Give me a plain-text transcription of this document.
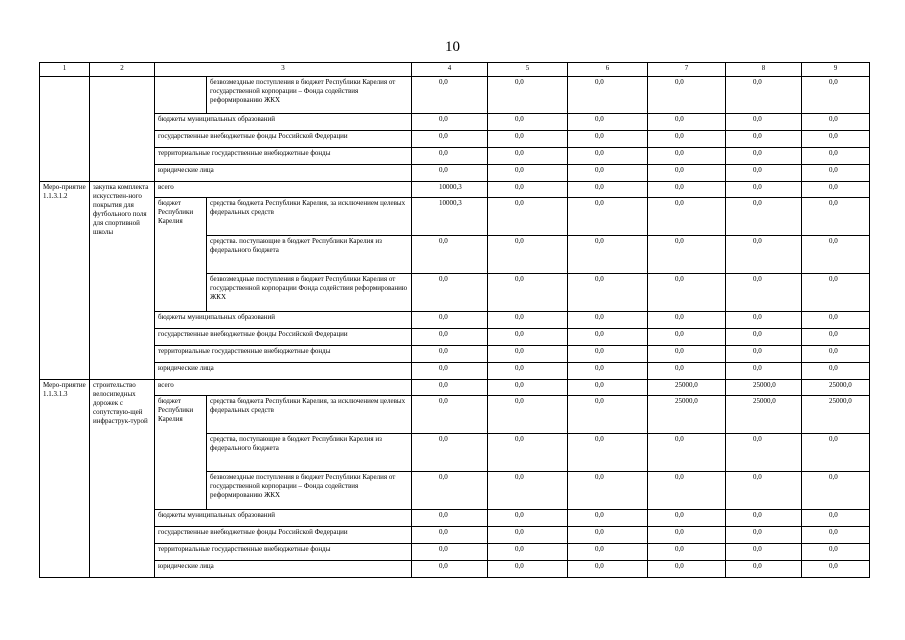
10
1	2	3		4	5	6	7	8	9
			безвозмездные поступления в бюджет Республики Карелия от государственной корпорации – Фонда содействия реформированию ЖКХ	0,0	0,0	0,0	0,0	0,0	0,0
		бюджеты муниципальных образований		0,0	0,0	0,0	0,0	0,0	0,0
		государственные внебюджетные фонды Российской Федерации		0,0	0,0	0,0	0,0	0,0	0,0
		территориальные государственные внебюджетные фонды		0,0	0,0	0,0	0,0	0,0	0,0
		юридические лица		0,0	0,0	0,0	0,0	0,0	0,0
Меро-приятие 1.1.3.1.2	закупка комплекта искусствен-ного покрытия для футбольного поля для спортивной школы	всего		10000,3	0,0	0,0	0,0	0,0	0,0
		бюджет Республики Карелия	средства бюджета Республики Карелия, за исключением целевых федеральных средств	10000,3	0,0	0,0	0,0	0,0	0,0
			средства. поступающие в бюджет Республики Карелия из федерального бюджета	0,0	0,0	0,0	0,0	0,0	0,0
			безвозмездные поступления в бюджет Республики Карелия от государственной корпорации Фонда содействия реформированию ЖКХ	0,0	0,0	0,0	0,0	0,0	0,0
		бюджеты муниципальных образований		0,0	0,0	0,0	0,0	0,0	0,0
		государственные внебюджетные фонды Российской Федерации		0,0	0,0	0,0	0,0	0,0	0,0
		территориальные государственные внебюджетные фонды		0,0	0,0	0,0	0,0	0,0	0,0
		юридические лица		0,0	0,0	0,0	0,0	0,0	0,0
Меро-приятие 1.1.3.1.3	строительство велосипедных дорожек с сопутствую-щей инфраструк-турой	всего		0,0	0,0	0,0	25000,0	25000,0	25000,0
		бюджет Республики Карелия	средства бюджета Республики Карелия, за исключением целевых федеральных средств	0,0	0,0	0,0	25000,0	25000,0	25000,0
			средства, поступающие в бюджет Республики Карелия из федерального бюджета	0,0	0,0	0,0	0,0	0,0	0,0
			безвозмездные поступления в бюджет Республики Карелия от государственной корпорации – Фонда содействия реформированию ЖКХ	0,0	0,0	0,0	0,0	0,0	0,0
		бюджеты муниципальных образований		0,0	0,0	0,0	0,0	0,0	0,0
		государственные внебюджетные фонды Российской Федерации		0,0	0,0	0,0	0,0	0,0	0,0
		территориальные государственные внебюджетные фонды		0,0	0,0	0,0	0,0	0,0	0,0
		юридические лица		0,0	0,0	0,0	0,0	0,0	0,0
